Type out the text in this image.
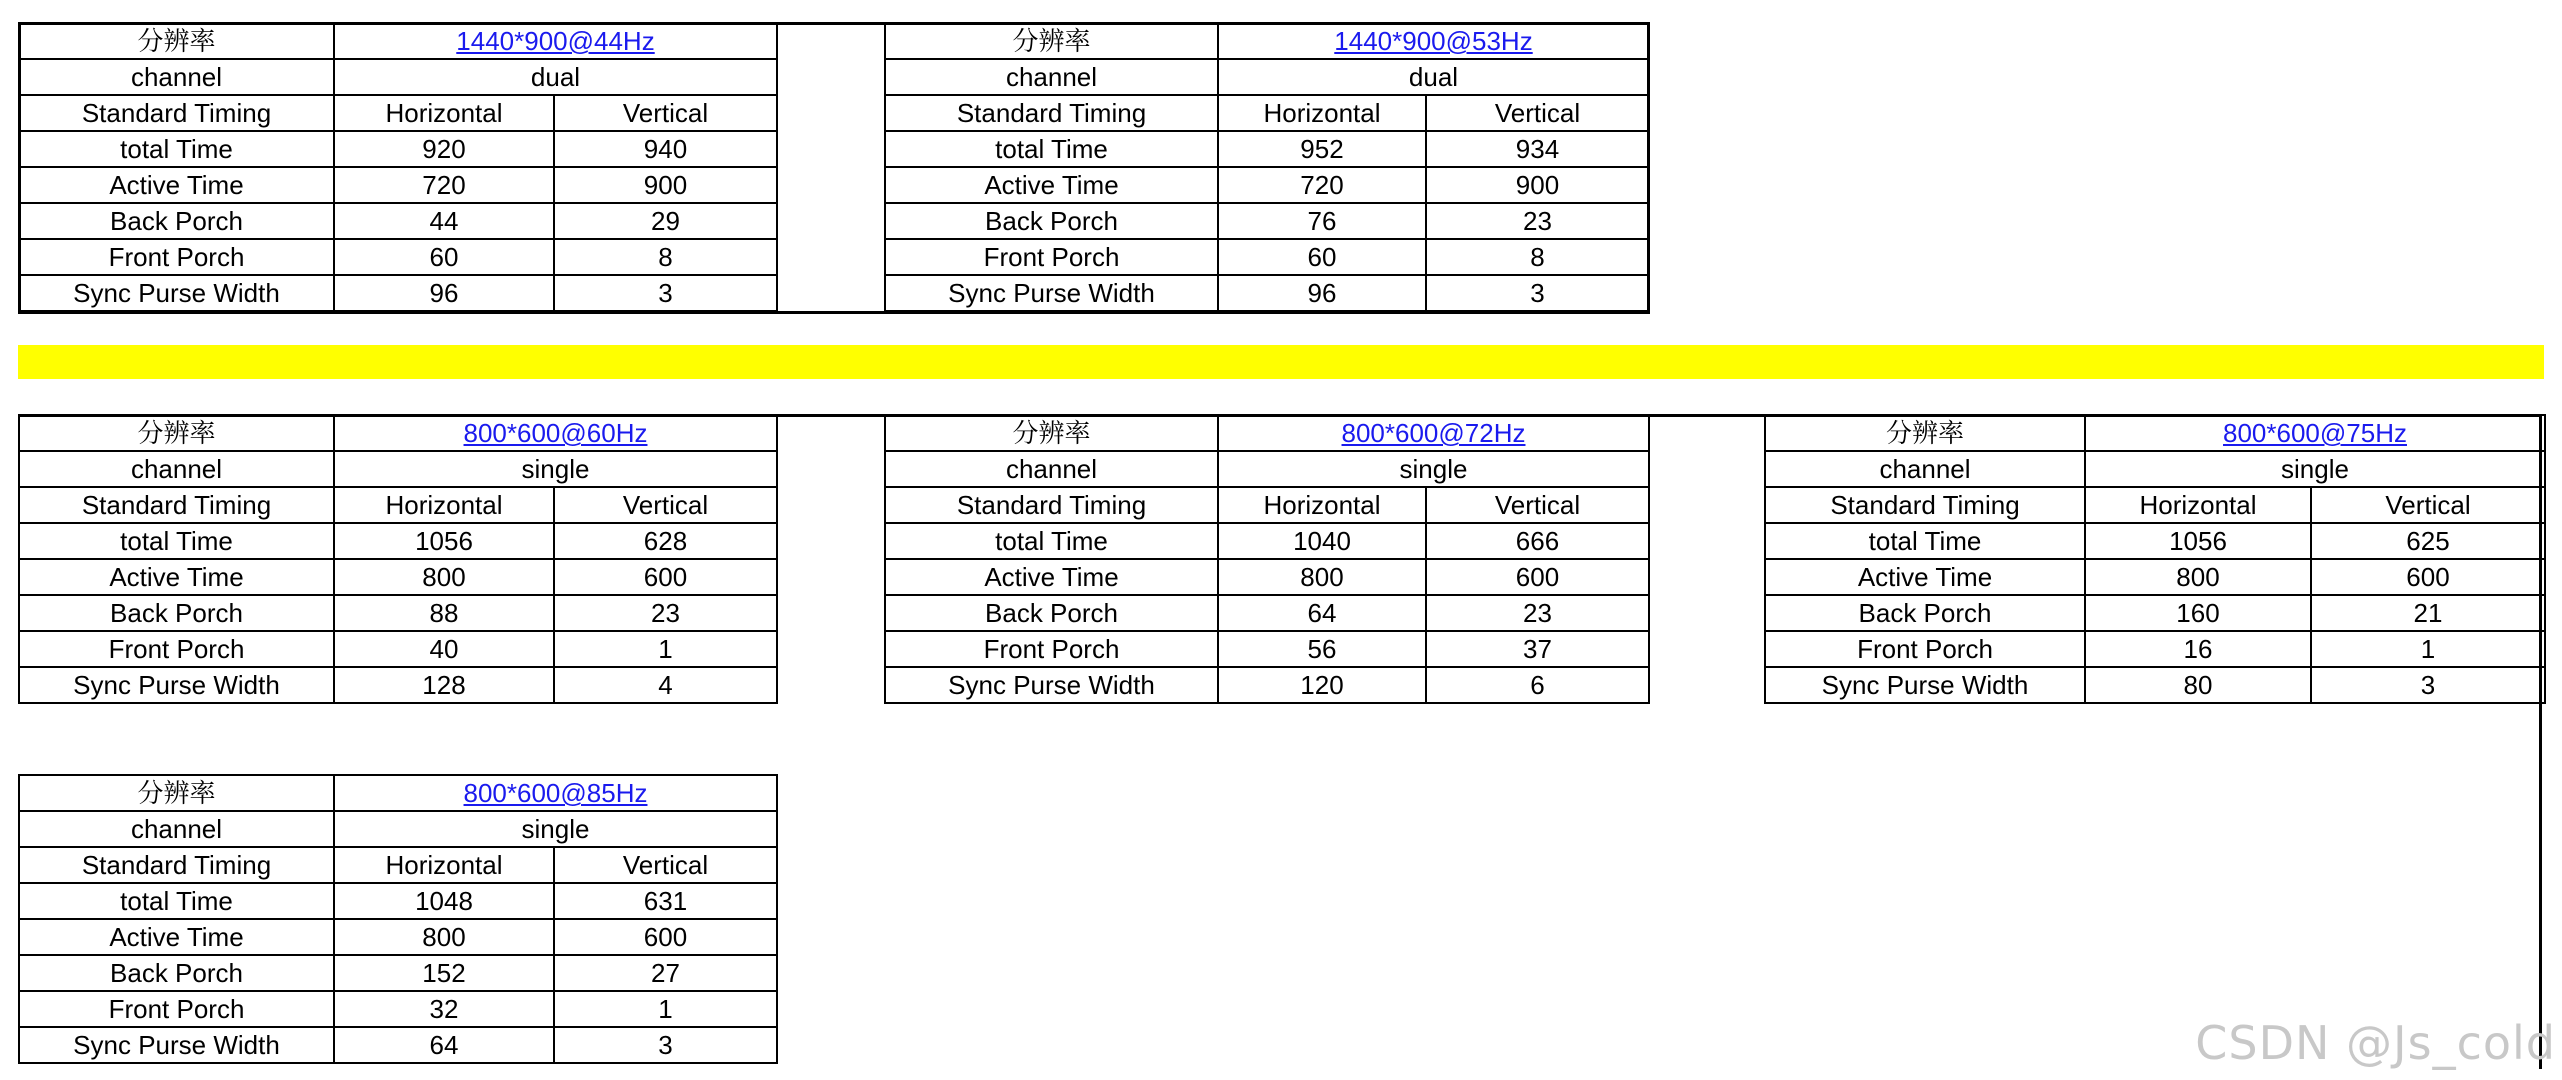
分辨率	1440*900@44Hz	
channel	dual	
Standard Timing	Horizontal	Vertical
total Time	920	940
Active Time	720	900
Back Porch	44	29
Front Porch	60	8
Sync Purse Width	96	3
分辨率	1440*900@53Hz	
channel	dual	
Standard Timing	Horizontal	Vertical
total Time	952	934
Active Time	720	900
Back Porch	76	23
Front Porch	60	8
Sync Purse Width	96	3
分辨率	800*600@60Hz	
channel	single	
Standard Timing	Horizontal	Vertical
total Time	1056	628
Active Time	800	600
Back Porch	88	23
Front Porch	40	1
Sync Purse Width	128	4
分辨率	800*600@72Hz	
channel	single	
Standard Timing	Horizontal	Vertical
total Time	1040	666
Active Time	800	600
Back Porch	64	23
Front Porch	56	37
Sync Purse Width	120	6
分辨率	800*600@75Hz	
channel	single	
Standard Timing	Horizontal	Vertical
total Time	1056	625
Active Time	800	600
Back Porch	160	21
Front Porch	16	1
Sync Purse Width	80	3
分辨率	800*600@85Hz	
channel	single	
Standard Timing	Horizontal	Vertical
total Time	1048	631
Active Time	800	600
Back Porch	152	27
Front Porch	32	1
Sync Purse Width	64	3	CSDN @Js_cold
